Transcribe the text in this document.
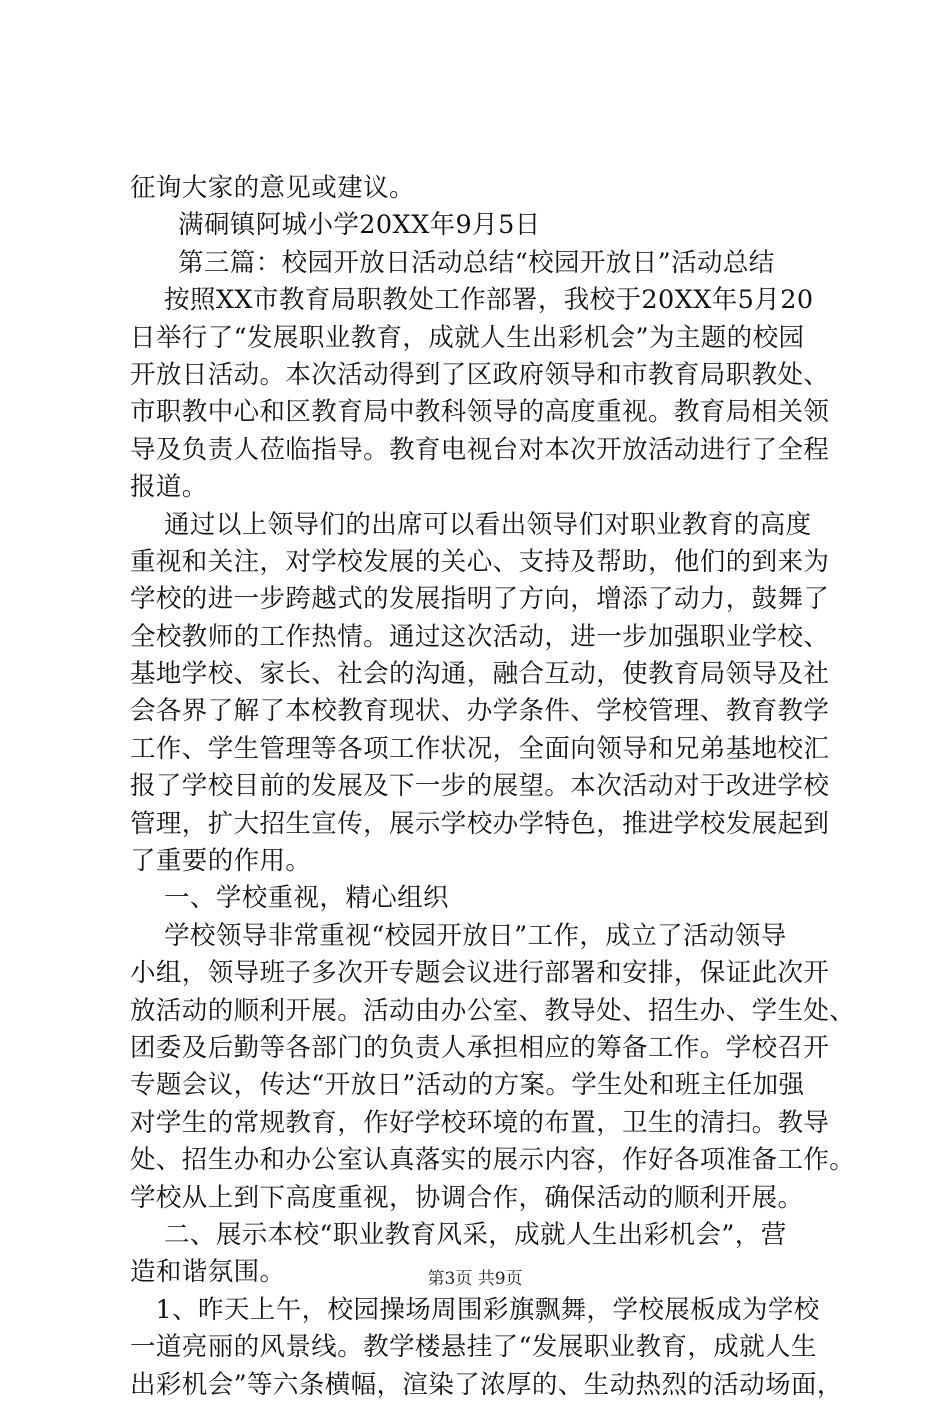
征询大家的意见或建议。
满硐镇阿城小学20XX年9月5日
第三篇：校园开放日活动总结“校园开放日”活动总结
按照XX市教育局职教处工作部署，我校于20XX年5月20
日举行了“发展职业教育，成就人生出彩机会”为主题的校园
开放日活动。本次活动得到了区政府领导和市教育局职教处、
市职教中心和区教育局中教科领导的高度重视。教育局相关领
导及负责人莅临指导。教育电视台对本次开放活动进行了全程
报道。
通过以上领导们的出席可以看出领导们对职业教育的高度
重视和关注，对学校发展的关心、支持及帮助，他们的到来为
学校的进一步跨越式的发展指明了方向，增添了动力，鼓舞了
全校教师的工作热情。通过这次活动，进一步加强职业学校、
基地学校、家长、社会的沟通，融合互动，使教育局领导及社
会各界了解了本校教育现状、办学条件、学校管理、教育教学
工作、学生管理等各项工作状况，全面向领导和兄弟基地校汇
报了学校目前的发展及下一步的展望。本次活动对于改进学校
管理，扩大招生宣传，展示学校办学特色，推进学校发展起到
了重要的作用。
一、学校重视，精心组织
学校领导非常重视“校园开放日”工作，成立了活动领导
小组，领导班子多次开专题会议进行部署和安排，保证此次开
放活动的顺利开展。活动由办公室、教导处、招生办、学生处、
团委及后勤等各部门的负责人承担相应的筹备工作。学校召开
专题会议，传达“开放日”活动的方案。学生处和班主任加强
对学生的常规教育，作好学校环境的布置，卫生的清扫。教导
处、招生办和办公室认真落实的展示内容，作好各项准备工作。
学校从上到下高度重视，协调合作，确保活动的顺利开展。
二、展示本校“职业教育风采，成就人生出彩机会”，营
造和谐氛围。
1、昨天上午，校园操场周围彩旗飘舞，学校展板成为学校
一道亮丽的风景线。教学楼悬挂了“发展职业教育，成就人生
出彩机会”等六条横幅，渲染了浓厚的、生动热烈的活动场面，
第3页 共9页
